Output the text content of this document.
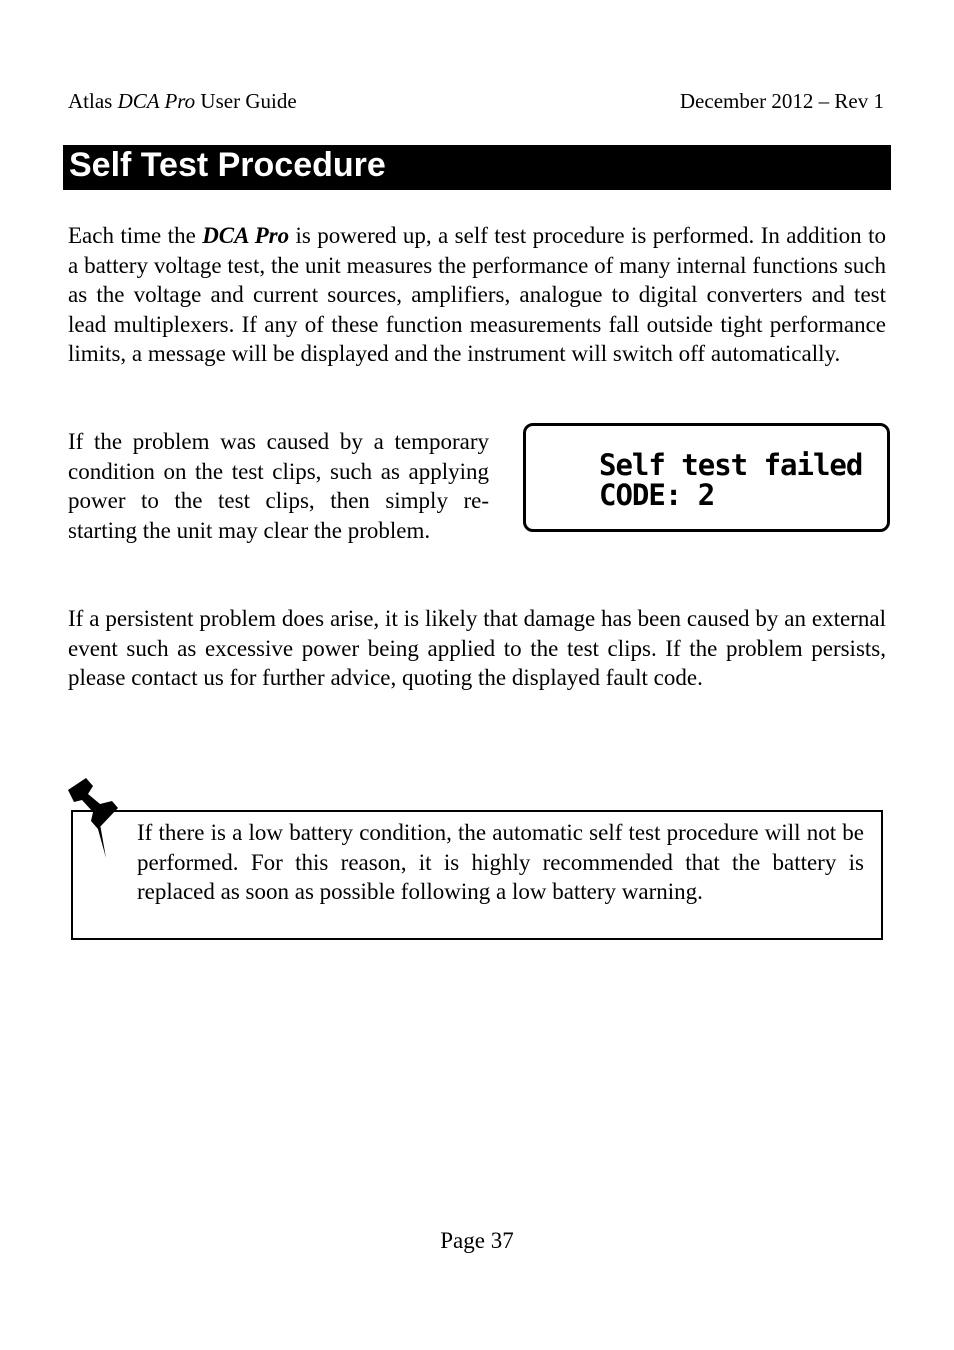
Atlas DCA Pro User Guide	December 2012 – Rev 1
Self Test Procedure

Each time the DCA Pro is powered up, a self test procedure is performed. In addition to a battery voltage test, the unit measures the performance of many internal functions such as the voltage and current sources, amplifiers, analogue to digital converters and test lead multiplexers. If any of these function measurements fall outside tight performance limits, a message will be displayed and the instrument will switch off automatically.

If the problem was caused by a temporary condition on the test clips, such as applying power to the test clips, then simply re-starting the unit may clear the problem.

Self test failed
CODE: 2

If a persistent problem does arise, it is likely that damage has been caused by an external event such as excessive power being applied to the test clips. If the problem persists, please contact us for further advice, quoting the displayed fault code.

If there is a low battery condition, the automatic self test procedure will not be performed. For this reason, it is highly recommended that the battery is replaced as soon as possible following a low battery warning.

Page 37
